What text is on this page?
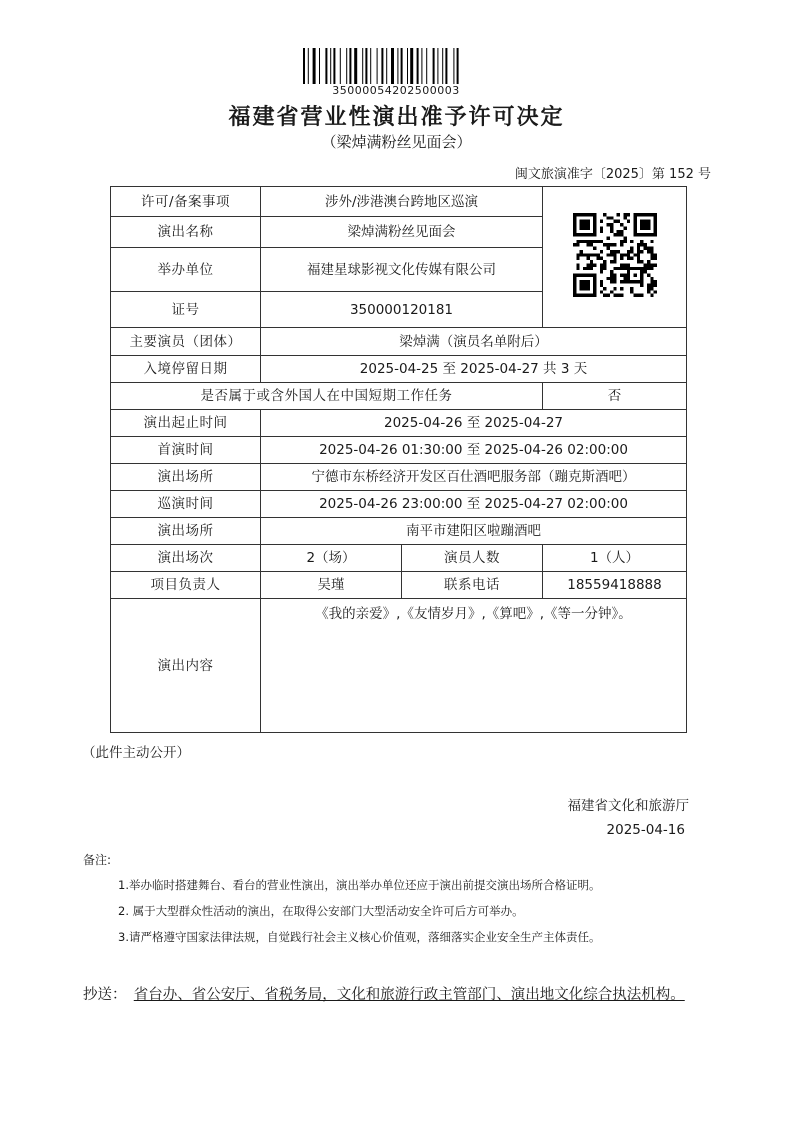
35000054202500003
福建省营业性演出准予许可决定
（梁焯满粉丝见面会）
闽文旅演准字〔2025〕第 152 号
许可/备案事项	涉外/涉港澳台跨地区巡演	
演出名称	梁焯满粉丝见面会		
举办单位	福建星球影视文化传媒有限公司		
证号	350000120181		
主要演员（团体）	梁焯满（演员名单附后）		
入境停留日期	2025-04-25 至 2025-04-27 共 3 天		
是否属于或含外国人在中国短期工作任务			否
演出起止时间	2025-04-26 至 2025-04-27		
首演时间	2025-04-26 01:30:00 至 2025-04-26 02:00:00		
演出场所	宁德市东桥经济开发区百仕酒吧服务部（蹦克斯酒吧）		
巡演时间	2025-04-26 23:00:00 至 2025-04-27 02:00:00		
演出场所	南平市建阳区啦蹦酒吧		
演出场次	2（场）	演员人数	1（人）
项目负责人	吴瑾	联系电话	18559418888
演出内容	《我的亲爱》,《友情岁月》,《算吧》,《等一分钟》。		
（此件主动公开）
福建省文化和旅游厅
2025-04-16
备注:
1.举办临时搭建舞台、看台的营业性演出，演出举办单位还应于演出前提交演出场所合格证明。
2. 属于大型群众性活动的演出，在取得公安部门大型活动安全许可后方可举办。
3.请严格遵守国家法律法规，自觉践行社会主义核心价值观，落细落实企业安全生产主体责任。
抄送：　 省台办、省公安厅、省税务局，文化和旅游行政主管部门、演出地文化综合执法机构。
